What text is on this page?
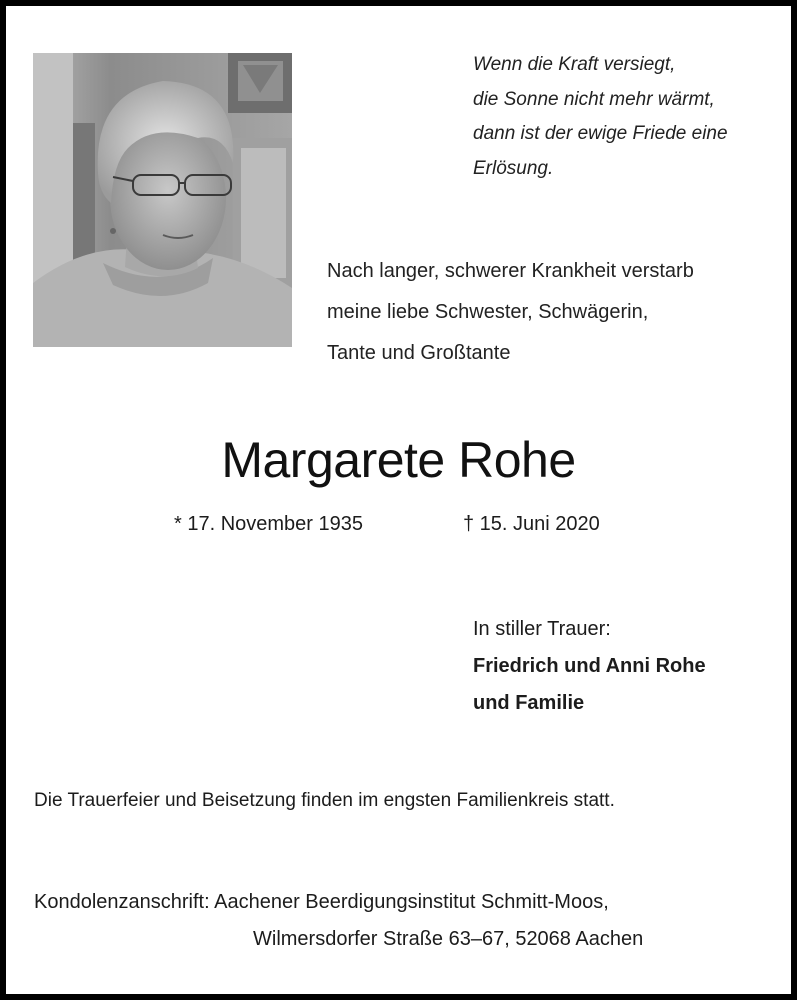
Wenn die Kraft versiegt,
die Sonne nicht mehr wärmt,
dann ist der ewige Friede eine
Erlösung.
Nach langer, schwerer Krankheit verstarb
meine liebe Schwester, Schwägerin,
Tante und Großtante
Margarete Rohe
* 17. November 1935	† 15. Juni 2020
In stiller Trauer:
Friedrich und Anni Rohe
und Familie
Die Trauerfeier und Beisetzung finden im engsten Familienkreis statt.
Kondolenzanschrift: Aachener Beerdigungsinstitut Schmitt-Moos,
Wilmersdorfer Straße 63–67, 52068 Aachen
